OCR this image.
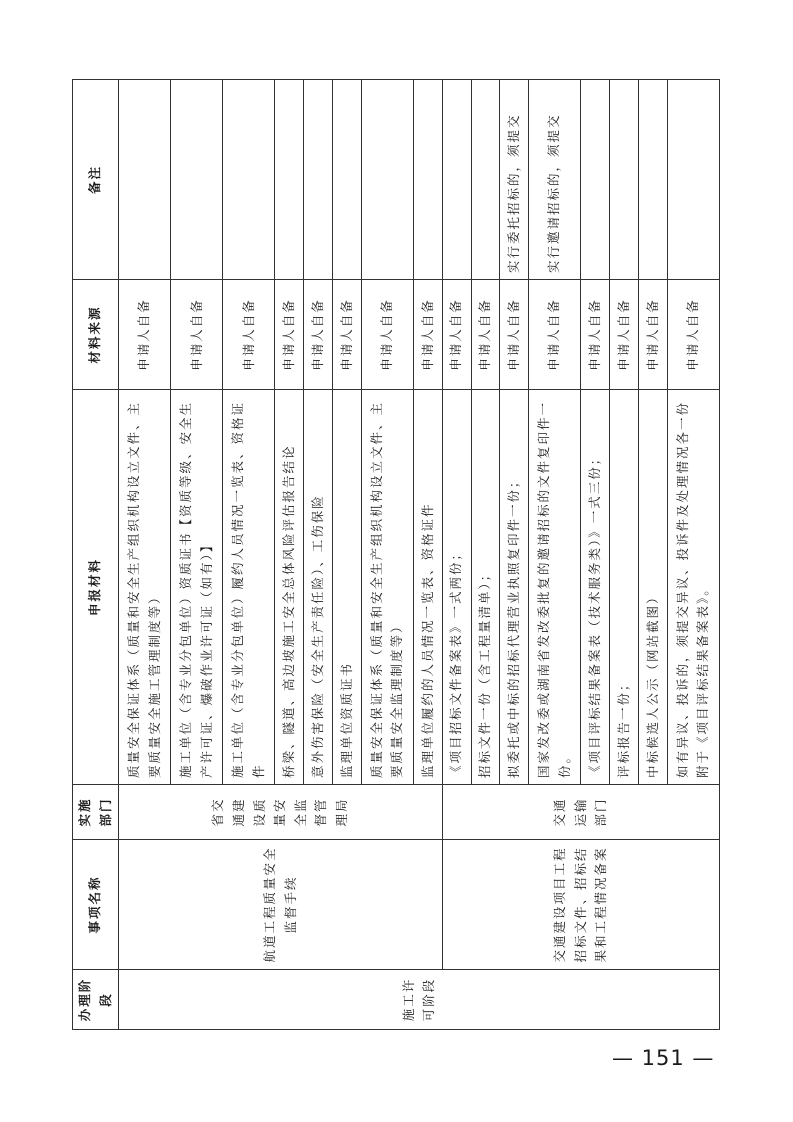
办理阶段	事项名称	实施部门	申报材料	材料来源	备注
施工许可阶段	航道工程质量安全监督手续	省交通建设质量安全监督管理局	质量安全保证体系（质量和安全生产组织机构设立文件、主要质量安全施工管理制度等）	申请人自备	
			施工单位（含专业分包单位）资质证书【资质等级、安全生产许可证、爆破作业许可证（如有）】	申请人自备	
			施工单位（含专业分包单位）履约人员情况一览表、资格证件	申请人自备	
			桥梁、隧道、高边坡施工安全总体风险评估报告结论	申请人自备	
			意外伤害保险（安全生产责任险）、工伤保险	申请人自备	
			监理单位资质证书	申请人自备	
			质量安全保证体系（质量和安全生产组织机构设立文件、主要质量安全监理制度等）	申请人自备	
			监理单位履约的人员情况一览表、资格证件	申请人自备	
	交通建设项目工程招标文件、招标结果和工程情况备案	交通运输部门	《项目招标文件备案表》一式两份；	申请人自备	
			招标文件一份（含工程量清单）；	申请人自备	
			拟委托或中标的招标代理营业执照复印件一份；	申请人自备	实行委托招标的，须提交
			国家发改委或湖南省发改委批复的邀请招标的文件复印件一份。	申请人自备	实行邀请招标的，须提交
			《项目评标结果备案表（技术服务类）》一式三份；	申请人自备	
			评标报告一份；	申请人自备	
			中标候选人公示（网站截图）	申请人自备	
			如有异议、投诉的，须提交异议、投诉件及处理情况各一份附于《项目评标结果备案表》。	申请人自备	
— 151 —
